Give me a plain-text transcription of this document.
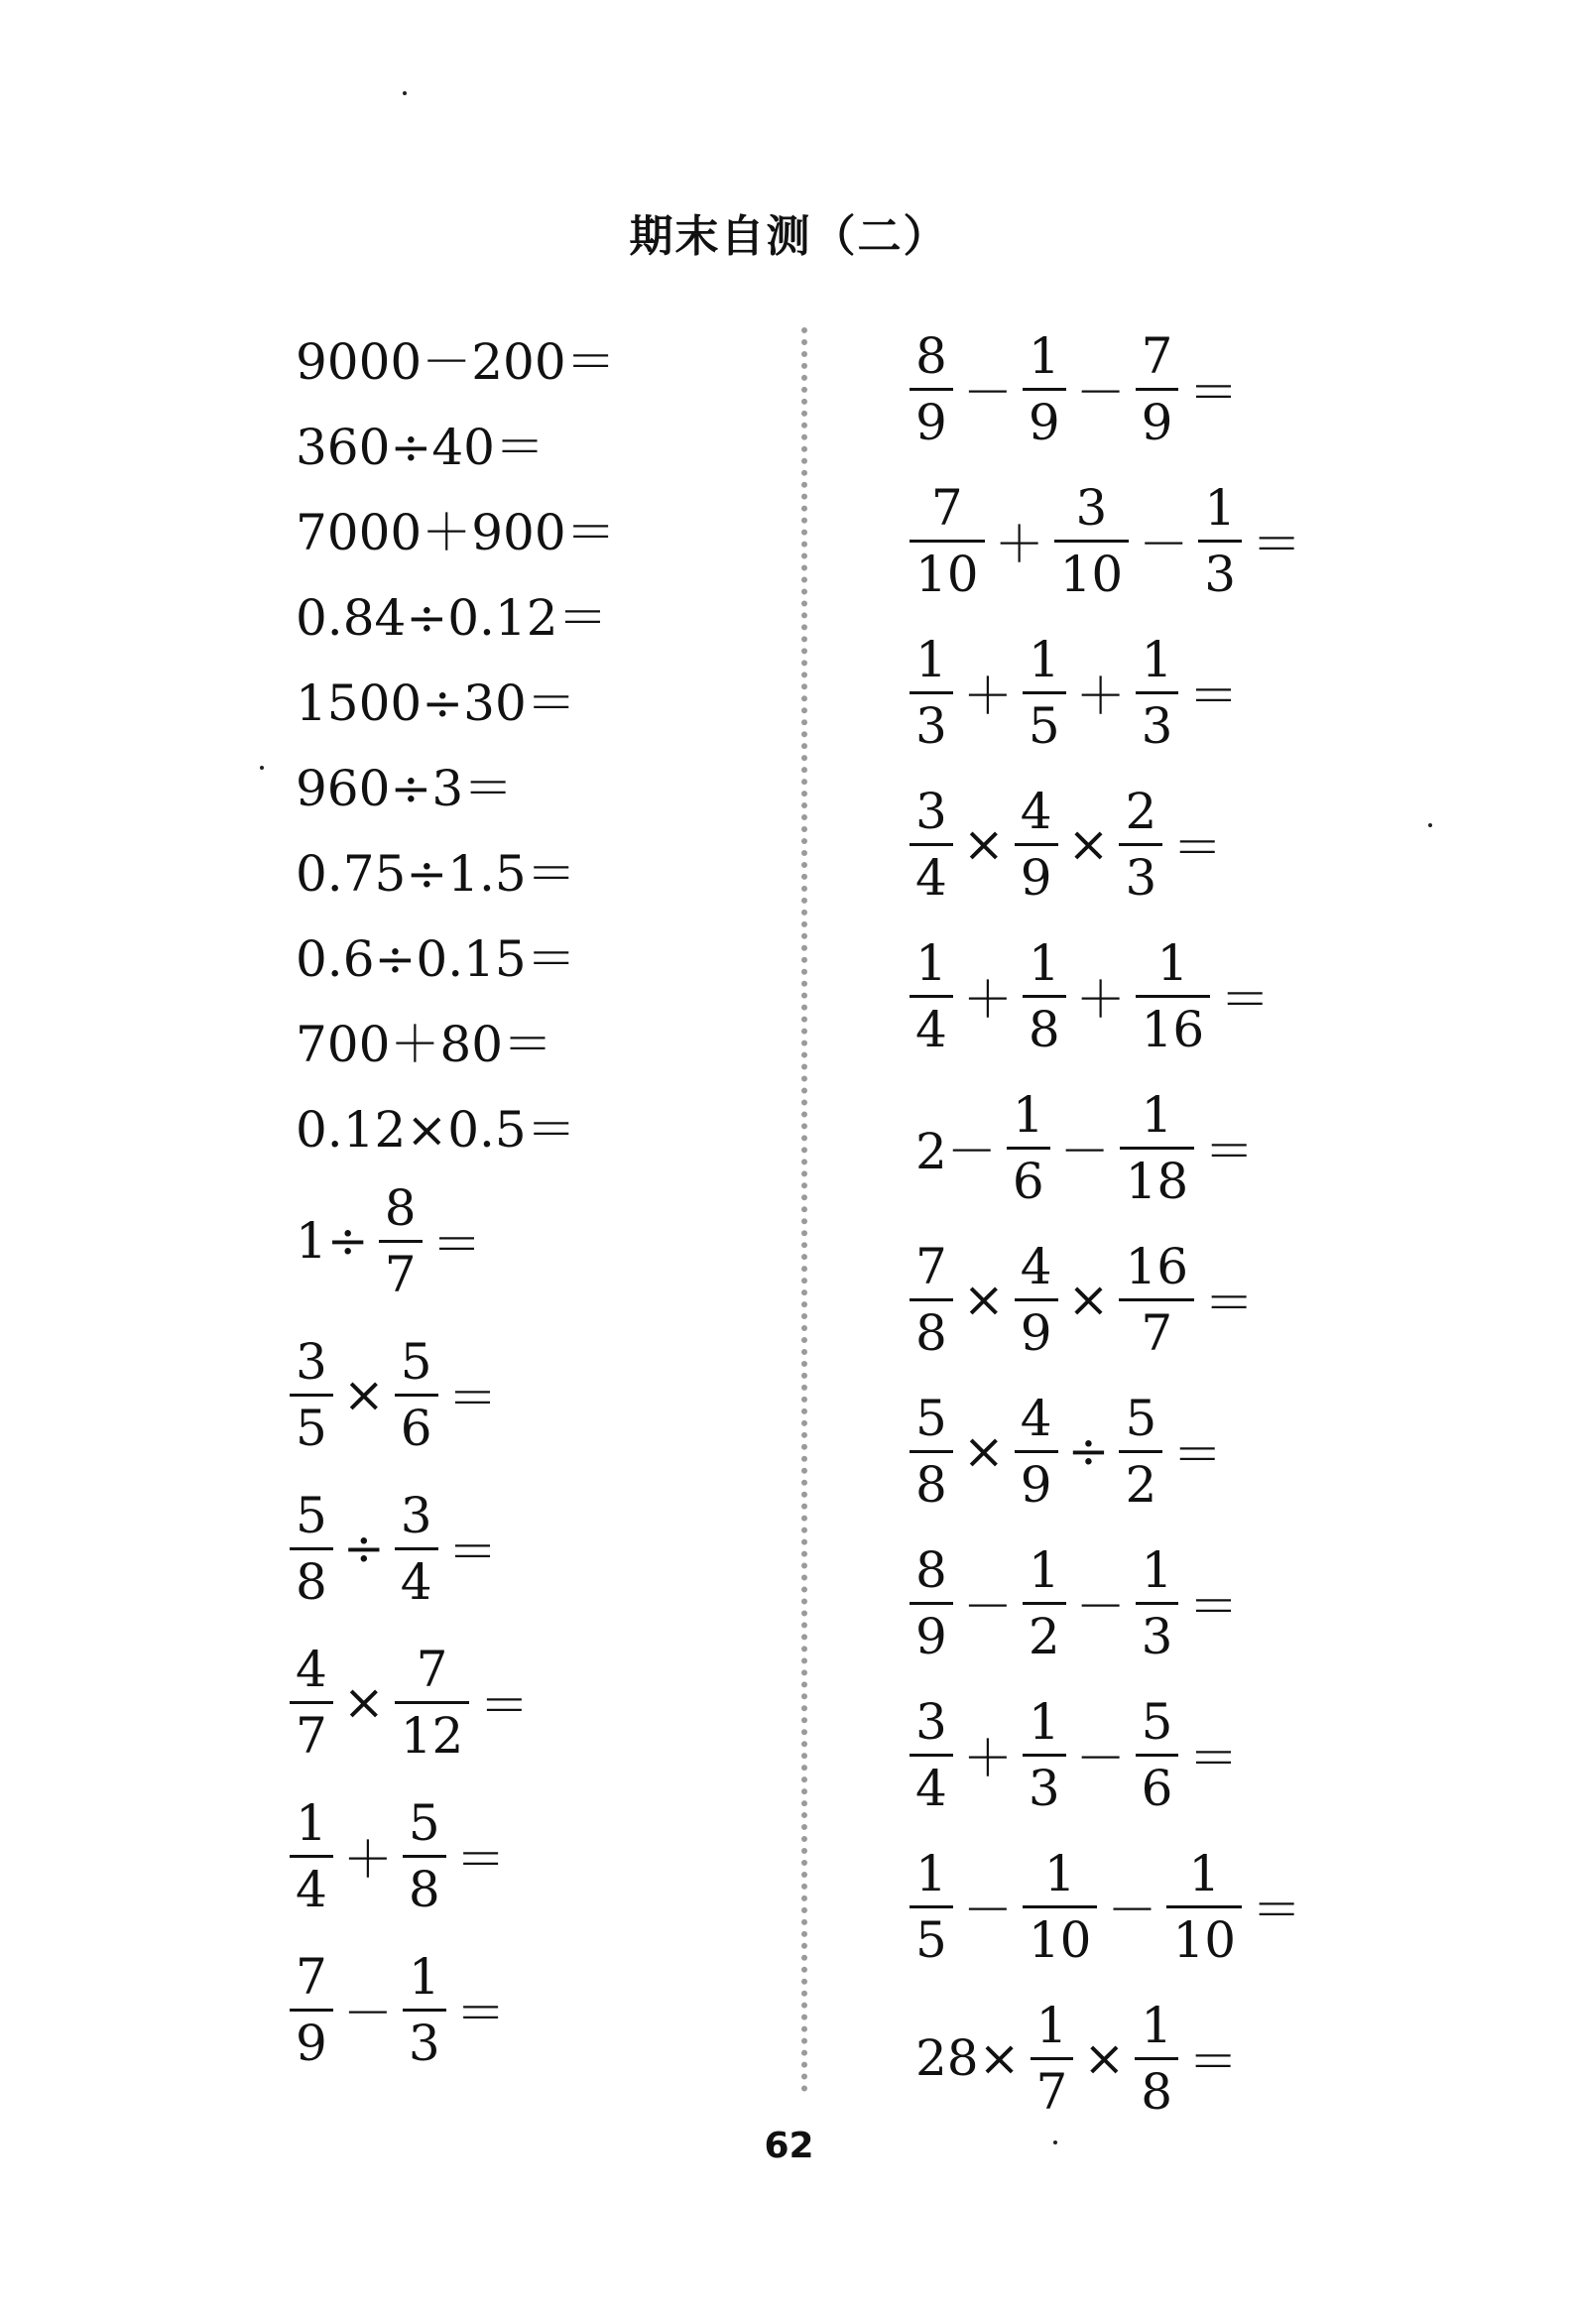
期末自测（二）
9000－200＝
360÷40＝
7000＋900＝
0.84÷0.12＝
1500÷30＝
960÷3＝
0.75÷1.5＝
0.6÷0.15＝
700＋80＝
0.12×0.5＝
$1\div \frac{8}{7}$ ＝
$\frac{3}{5} \times \frac{5}{6}$ ＝
$\frac{5}{8} \div \frac{3}{4}$ ＝
$\frac{4}{7} \times \frac{7}{12}$ ＝
$\frac{1}{4} + \frac{5}{8}$ ＝
$\frac{7}{9} - \frac{1}{3}$ ＝
$\frac{8}{9} - \frac{1}{9} - \frac{7}{9}$ ＝
$\frac{7}{10} + \frac{3}{10} - \frac{1}{3}$ ＝
$\frac{1}{3} + \frac{1}{5} + \frac{1}{3}$ ＝
$\frac{3}{4} \times \frac{4}{9} \times \frac{2}{3}$ ＝
$\frac{1}{4} + \frac{1}{8} + \frac{1}{16}$ ＝
$2- \frac{1}{6} - \frac{1}{18}$ ＝
$\frac{7}{8} \times \frac{4}{9} \times \frac{16}{7}$ ＝
$\frac{5}{8} \times \frac{4}{9} \div \frac{5}{2}$ ＝
$\frac{8}{9} - \frac{1}{2} - \frac{1}{3}$ ＝
$\frac{3}{4} + \frac{1}{3} - \frac{5}{6}$ ＝
$\frac{1}{5} - \frac{1}{10} - \frac{1}{10}$ ＝
$28\times \frac{1}{7} \times \frac{1}{8}$ ＝
62
